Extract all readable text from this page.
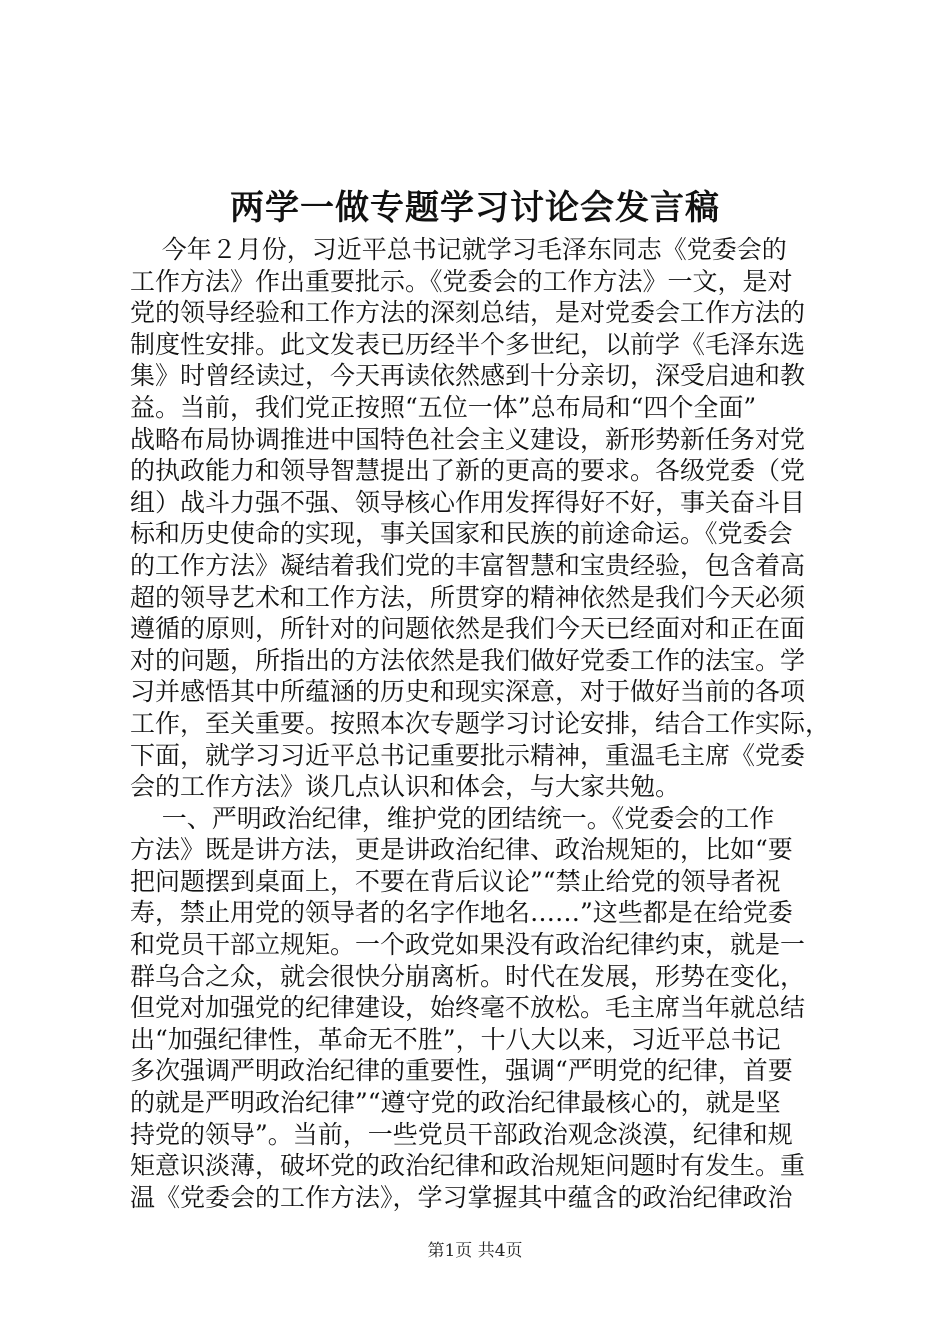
两学一做专题学习讨论会发言稿
今年２月份，习近平总书记就学习毛泽东同志《党委会的
工作方法》作出重要批示。《党委会的工作方法》一文，是对
党的领导经验和工作方法的深刻总结，是对党委会工作方法的
制度性安排。此文发表已历经半个多世纪，以前学《毛泽东选
集》时曾经读过，今天再读依然感到十分亲切，深受启迪和教
益。当前，我们党正按照“五位一体”总布局和“四个全面”
战略布局协调推进中国特色社会主义建设，新形势新任务对党
的执政能力和领导智慧提出了新的更高的要求。各级党委（党
组）战斗力强不强、领导核心作用发挥得好不好，事关奋斗目
标和历史使命的实现，事关国家和民族的前途命运。《党委会
的工作方法》凝结着我们党的丰富智慧和宝贵经验，包含着高
超的领导艺术和工作方法，所贯穿的精神依然是我们今天必须
遵循的原则，所针对的问题依然是我们今天已经面对和正在面
对的问题，所指出的方法依然是我们做好党委工作的法宝。学
习并感悟其中所蕴涵的历史和现实深意，对于做好当前的各项
工作，至关重要。按照本次专题学习讨论安排，结合工作实际，
下面，就学习习近平总书记重要批示精神，重温毛主席《党委
会的工作方法》谈几点认识和体会，与大家共勉。
一、严明政治纪律，维护党的团结统一。《党委会的工作
方法》既是讲方法，更是讲政治纪律、政治规矩的，比如“要
把问题摆到桌面上，不要在背后议论”“禁止给党的领导者祝
寿，禁止用党的领导者的名字作地名……”这些都是在给党委
和党员干部立规矩。一个政党如果没有政治纪律约束，就是一
群乌合之众，就会很快分崩离析。时代在发展，形势在变化，
但党对加强党的纪律建设，始终毫不放松。毛主席当年就总结
出“加强纪律性，革命无不胜”，十八大以来，习近平总书记
多次强调严明政治纪律的重要性，强调“严明党的纪律，首要
的就是严明政治纪律”“遵守党的政治纪律最核心的，就是坚
持党的领导”。当前，一些党员干部政治观念淡漠，纪律和规
矩意识淡薄，破坏党的政治纪律和政治规矩问题时有发生。重
温《党委会的工作方法》，学习掌握其中蕴含的政治纪律政治
第1页 共4页
